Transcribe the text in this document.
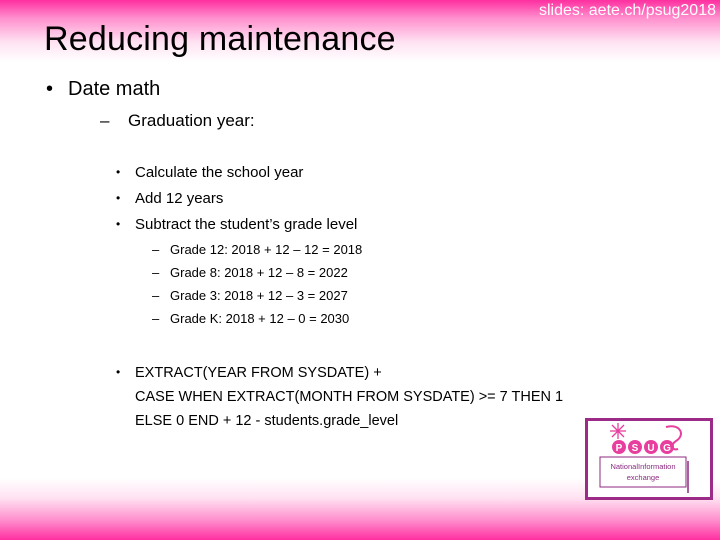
slides: aete.ch/psug2018
Reducing maintenance
• Date math
– Graduation year:
• Calculate the school year
• Add 12 years
• Subtract the student’s grade level
– Grade 12: 2018 + 12 – 12 = 2018
– Grade 8: 2018 + 12 – 8 = 2022
– Grade 3: 2018 + 12 – 3 = 2027
– Grade K: 2018 + 12 – 0 = 2030
• EXTRACT(YEAR FROM SYSDATE) +
CASE WHEN EXTRACT(MONTH FROM SYSDATE) >= 7 THEN 1
ELSE 0 END + 12 - students.grade_level
P S U G
NationalInformation
exchange
